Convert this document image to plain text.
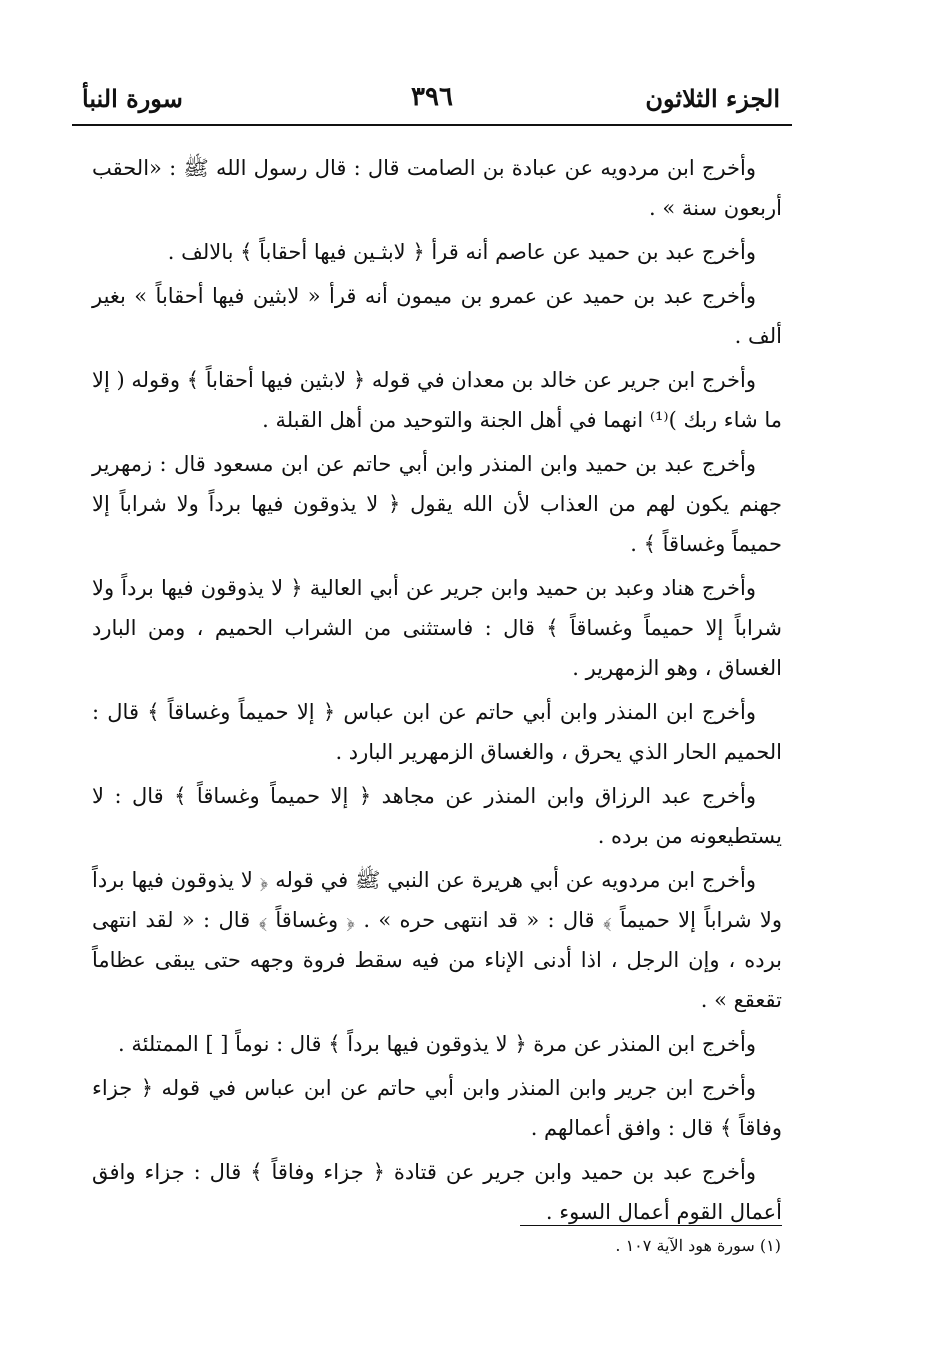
الجزء الثلاثون
٣٩٦
سورة النبأ

وأخرج ابن مردويه عن عبادة بن الصامت قال : قال رسول الله ﷺ : «الحقب أربعون سنة » .

وأخرج عبد بن حميد عن عاصم أنه قرأ ﴿ لابثـين فيها أحقاباً ﴾ بالالف .

وأخرج عبد بن حميد عن عمرو بن ميمون أنه قرأ « لابثين فيها أحقاباً » بغير ألف .

وأخرج ابن جرير عن خالد بن معدان في قوله ﴿ لابثين فيها أحقاباً ﴾ وقوله ( إلا ما شاء ربك )⁽¹⁾ انهما في أهل الجنة والتوحيد من أهل القبلة .

وأخرج عبد بن حميد وابن المنذر وابن أبي حاتم عن ابن مسعود قال : زمهرير جهنم يكون لهم من العذاب لأن الله يقول ﴿ لا يذوقون فيها برداً ولا شراباً إلا حميماً وغساقاً ﴾ .

وأخرج هناد وعبد بن حميد وابن جرير عن أبي العالية ﴿ لا يذوقون فيها برداً ولا شراباً إلا حميماً وغساقاً ﴾ قال : فاستثنى من الشراب الحميم ، ومن البارد الغساق ، وهو الزمهرير .

وأخرج ابن المنذر وابن أبي حاتم عن ابن عباس ﴿ إلا حميماً وغساقاً ﴾ قال : الحميم الحار الذي يحرق ، والغساق الزمهرير البارد .

وأخرج عبد الرزاق وابن المنذر عن مجاهد ﴿ إلا حميماً وغساقاً ﴾ قال : لا يستطيعونه من برده .

وأخرج ابن مردويه عن أبي هريرة عن النبي ﷺ في قوله ﴿ لا يذوقون فيها برداً ولا شراباً إلا حميماً ﴾ قال : « قد انتهى حره » . ﴿ وغساقاً ﴾ قال : « لقد انتهى برده ، وإن الرجل ، اذا أدنى الإناء من فيه سقط فروة وجهه حتى يبقى عظاماً تقعقع » .

وأخرج ابن المنذر عن مرة ﴿ لا يذوقون فيها برداً ﴾ قال : نوماً [ ] الممتلئة .

وأخرج ابن جرير وابن المنذر وابن أبي حاتم عن ابن عباس في قوله ﴿ جزاء وفاقاً ﴾ قال : وافق أعمالهم .

وأخرج عبد بن حميد وابن جرير عن قتادة ﴿ جزاء وفاقاً ﴾ قال : جزاء وافق أعمال القوم أعمال السوء .

(١) سورة هود الآية ١٠٧ .
